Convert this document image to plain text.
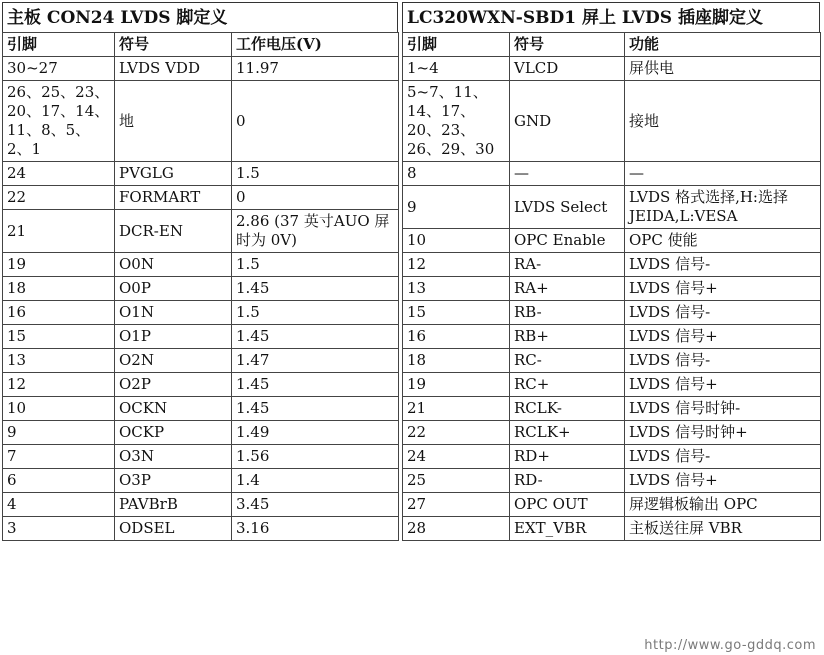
主板 CON24 LVDS 脚定义
引脚	符号	工作电压(V)
30~27	LVDS VDD	11.97
26、25、23、20、17、14、11、8、5、2、1	地	0
24	PVGLG	1.5
22	FORMART	0
21	DCR-EN	2.86 (37 英寸AUO 屏时为 0V)
19	O0N	1.5
18	O0P	1.45
16	O1N	1.5
15	O1P	1.45
13	O2N	1.47
12	O2P	1.45
10	OCKN	1.45
9	OCKP	1.49
7	O3N	1.56
6	O3P	1.4
4	PAVBrB	3.45
3	ODSEL	3.16
LC320WXN-SBD1 屏上 LVDS 插座脚定义
引脚	符号	功能
1~4	VLCD	屏供电
5~7、11、14、17、20、23、26、29、30	GND	接地
8	—	—
9	LVDS Select	LVDS 格式选择,H:选择 JEIDA,L:VESA
10	OPC Enable	OPC 使能
12	RA-	LVDS 信号-
13	RA+	LVDS 信号+
15	RB-	LVDS 信号-
16	RB+	LVDS 信号+
18	RC-	LVDS 信号-
19	RC+	LVDS 信号+
21	RCLK-	LVDS 信号时钟-
22	RCLK+	LVDS 信号时钟+
24	RD+	LVDS 信号-
25	RD-	LVDS 信号+
27	OPC OUT	屏逻辑板输出 OPC
28	EXT_VBR	主板送往屏 VBR
http://www.go-gddq.com
